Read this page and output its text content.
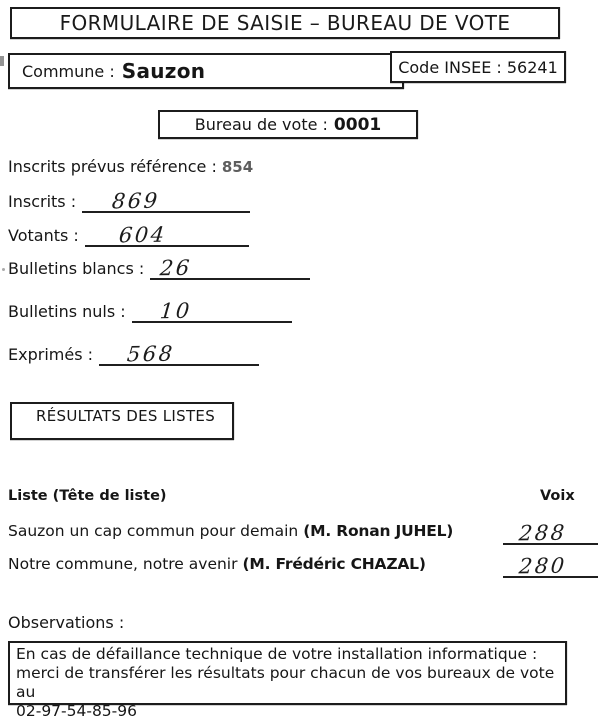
FORMULAIRE DE SAISIE – BUREAU DE VOTE
Commune : Sauzon	Code INSEE : 56241
Bureau de vote : 0001
Inscrits prévus référence : 854
Inscrits : 869
Votants : 604
Bulletins blancs : 26
Bulletins nuls : 10
Exprimés : 568
RÉSULTATS DES LISTES
Liste (Tête de liste)	Voix
Sauzon un cap commun pour demain (M. Ronan JUHEL)	288
Notre commune, notre avenir (M. Frédéric CHAZAL)	280
Observations :
En cas de défaillance technique de votre installation informatique :
merci de transférer les résultats pour chacun de vos bureaux de vote au
02-97-54-85-96
